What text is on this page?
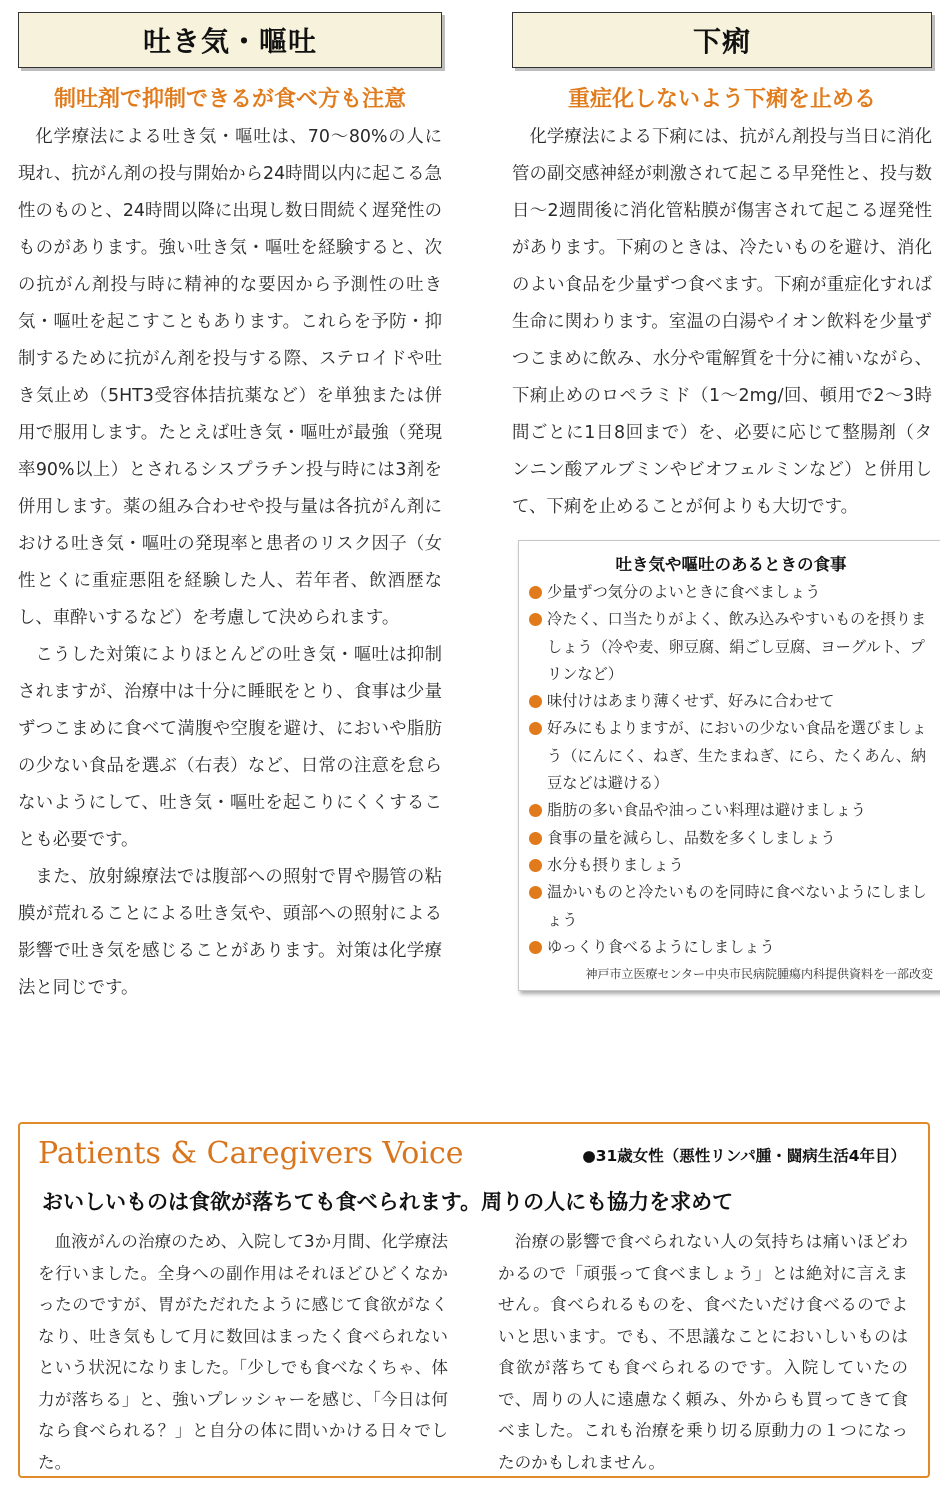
吐き気・嘔吐
制吐剤で抑制できるが食べ方も注意

化学療法による吐き気・嘔吐は、70〜80%の人に現れ、抗がん剤の投与開始から24時間以内に起こる急性のものと、24時間以降に出現し数日間続く遅発性のものがあります。強い吐き気・嘔吐を経験すると、次の抗がん剤投与時に精神的な要因から予測性の吐き気・嘔吐を起こすこともあります。これらを予防・抑制するために抗がん剤を投与する際、ステロイドや吐き気止め（5HT3受容体拮抗薬など）を単独または併用で服用します。たとえば吐き気・嘔吐が最強（発現率90%以上）とされるシスプラチン投与時には3剤を併用します。薬の組み合わせや投与量は各抗がん剤における吐き気・嘔吐の発現率と患者のリスク因子（女性とくに重症悪阻を経験した人、若年者、飲酒歴なし、車酔いするなど）を考慮して決められます。

こうした対策によりほとんどの吐き気・嘔吐は抑制されますが、治療中は十分に睡眠をとり、食事は少量ずつこまめに食べて満腹や空腹を避け、においや脂肪の少ない食品を選ぶ（右表）など、日常の注意を怠らないようにして、吐き気・嘔吐を起こりにくくすることも必要です。

また、放射線療法では腹部への照射で胃や腸管の粘膜が荒れることによる吐き気や、頭部への照射による影響で吐き気を感じることがあります。対策は化学療法と同じです。

下痢
重症化しないよう下痢を止める

化学療法による下痢には、抗がん剤投与当日に消化管の副交感神経が刺激されて起こる早発性と、投与数日〜2週間後に消化管粘膜が傷害されて起こる遅発性があります。下痢のときは、冷たいものを避け、消化のよい食品を少量ずつ食べます。下痢が重症化すれば生命に関わります。室温の白湯やイオン飲料を少量ずつこまめに飲み、水分や電解質を十分に補いながら、下痢止めのロペラミド（1〜2mg/回、頓用で2〜3時間ごとに1日8回まで）を、必要に応じて整腸剤（タンニン酸アルブミンやビオフェルミンなど）と併用して、下痢を止めることが何よりも大切です。

吐き気や嘔吐のあるときの食事
少量ずつ気分のよいときに食べましょう
冷たく、口当たりがよく、飲み込みやすいものを摂りましょう（冷や麦、卵豆腐、絹ごし豆腐、ヨーグルト、プリンなど）
味付けはあまり薄くせず、好みに合わせて
好みにもよりますが、においの少ない食品を選びましょう（にんにく、ねぎ、生たまねぎ、にら、たくあん、納豆などは避ける）
脂肪の多い食品や油っこい料理は避けましょう
食事の量を減らし、品数を多くしましょう
水分も摂りましょう
温かいものと冷たいものを同時に食べないようにしましょう
ゆっくり食べるようにしましょう
神戸市立医療センター中央市民病院腫瘍内科提供資料を一部改変
Patients & Caregivers Voice	●31歳女性（悪性リンパ腫・闘病生活4年目）
おいしいものは食欲が落ちても食べられます。周りの人にも協力を求めて

血液がんの治療のため、入院して3か月間、化学療法を行いました。全身への副作用はそれほどひどくなかったのですが、胃がただれたように感じて食欲がなくなり、吐き気もして月に数回はまったく食べられないという状況になりました。「少しでも食べなくちゃ、体力が落ちる」と、強いプレッシャーを感じ、「今日は何なら食べられる？」と自分の体に問いかける日々でした。

治療の影響で食べられない人の気持ちは痛いほどわかるので「頑張って食べましょう」とは絶対に言えません。食べられるものを、食べたいだけ食べるのでよいと思います。でも、不思議なことにおいしいものは食欲が落ちても食べられるのです。入院していたので、周りの人に遠慮なく頼み、外からも買ってきて食べました。これも治療を乗り切る原動力の１つになったのかもしれません。
